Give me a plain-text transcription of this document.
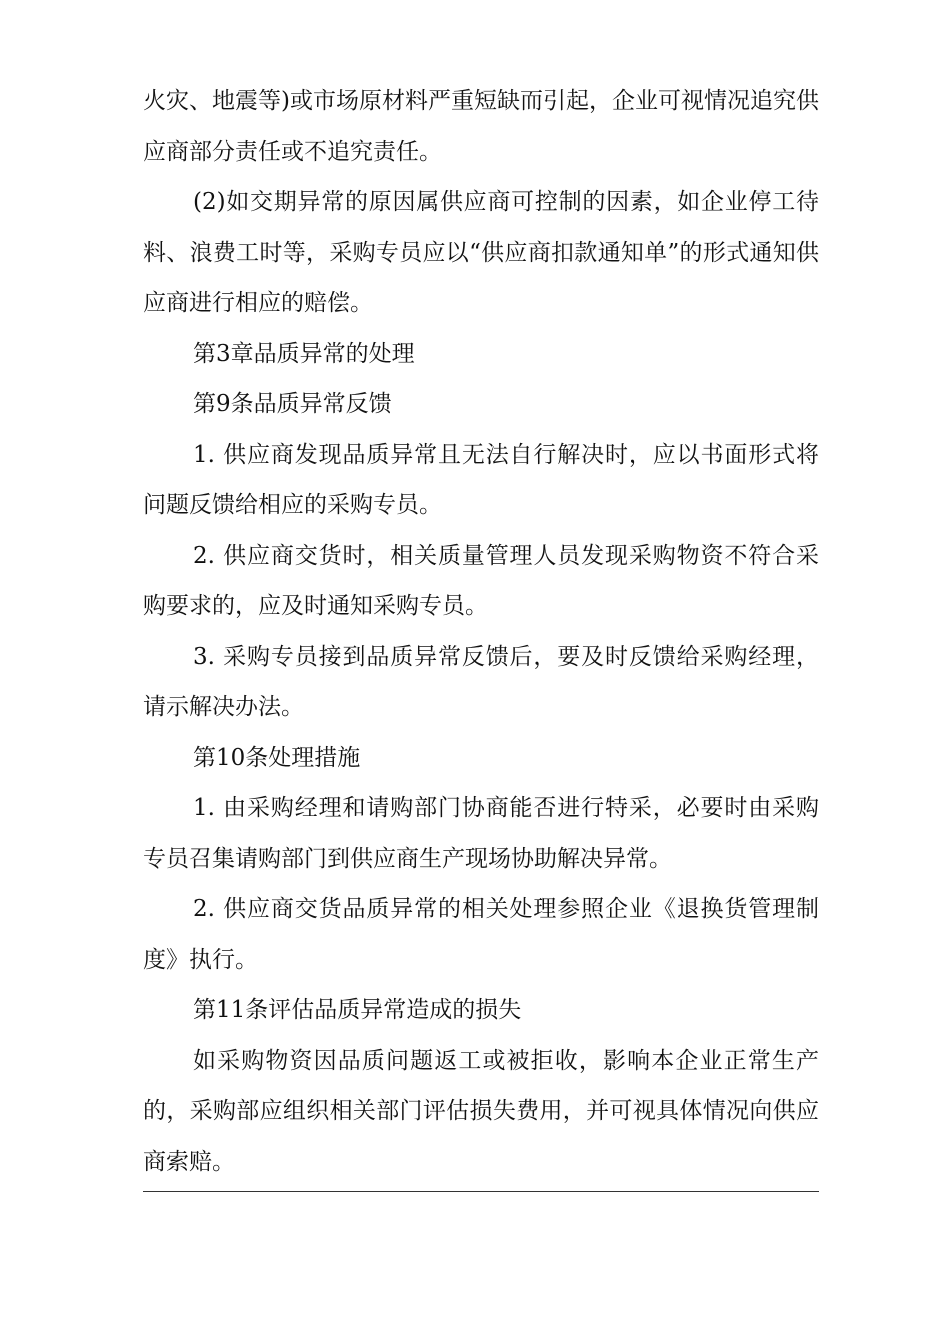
火灾、地震等)或市场原材料严重短缺而引起，企业可视情况追究供应商部分责任或不追究责任。

(2)如交期异常的原因属供应商可控制的因素，如企业停工待料、浪费工时等，采购专员应以“供应商扣款通知单”的形式通知供应商进行相应的赔偿。

第3章品质异常的处理

第9条品质异常反馈

1. 供应商发现品质异常且无法自行解决时，应以书面形式将问题反馈给相应的采购专员。

2. 供应商交货时，相关质量管理人员发现采购物资不符合采购要求的，应及时通知采购专员。

3. 采购专员接到品质异常反馈后，要及时反馈给采购经理，请示解决办法。

第10条处理措施

1. 由采购经理和请购部门协商能否进行特采，必要时由采购专员召集请购部门到供应商生产现场协助解决异常。

2. 供应商交货品质异常的相关处理参照企业《退换货管理制度》执行。

第11条评估品质异常造成的损失

如采购物资因品质问题返工或被拒收，影响本企业正常生产的，采购部应组织相关部门评估损失费用，并可视具体情况向供应商索赔。
